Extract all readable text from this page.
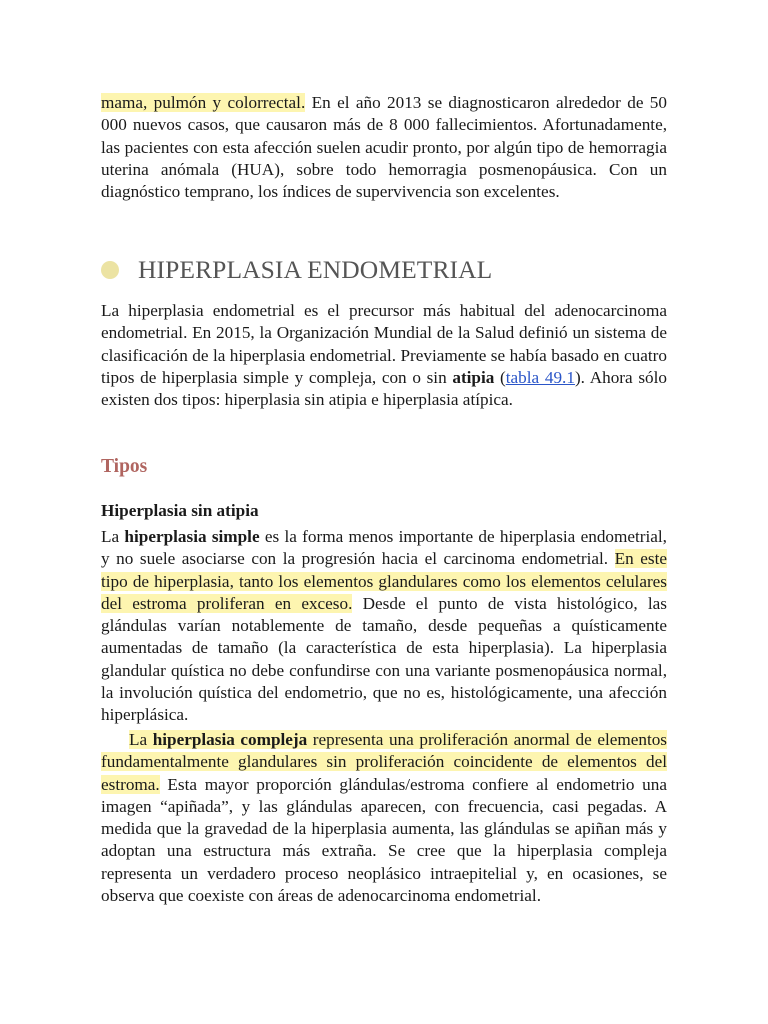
mama, pulmón y colorrectal. En el año 2013 se diagnosticaron alrededor de 50 000 nuevos casos, que causaron más de 8 000 fallecimientos. Afortunadamente, las pacientes con esta afección suelen acudir pronto, por algún tipo de hemorragia uterina anómala (HUA), sobre todo hemorragia posmenopáusica. Con un diagnóstico temprano, los índices de supervivencia son excelentes.

HIPERPLASIA ENDOMETRIAL

La hiperplasia endometrial es el precursor más habitual del adenocarcinoma endometrial. En 2015, la Organización Mundial de la Salud definió un sistema de clasificación de la hiperplasia endometrial. Previamente se había basado en cuatro tipos de hiperplasia simple y compleja, con o sin atipia (tabla 49.1). Ahora sólo existen dos tipos: hiperplasia sin atipia e hiperplasia atípica.

Tipos
Hiperplasia sin atipia

La hiperplasia simple es la forma menos importante de hiperplasia endometrial, y no suele asociarse con la progresión hacia el carcinoma endometrial. En este tipo de hiperplasia, tanto los elementos glandulares como los elementos celulares del estroma proliferan en exceso. Desde el punto de vista histológico, las glándulas varían notablemente de tamaño, desde pequeñas a quísticamente aumentadas de tamaño (la característica de esta hiperplasia). La hiperplasia glandular quística no debe confundirse con una variante posmenopáusica normal, la involución quística del endometrio, que no es, histológicamente, una afección hiperplásica.

La hiperplasia compleja representa una proliferación anormal de elementos fundamentalmente glandulares sin proliferación coincidente de elementos del estroma. Esta mayor proporción glándulas/estroma confiere al endometrio una imagen “apiñada”, y las glándulas aparecen, con frecuencia, casi pegadas. A medida que la gravedad de la hiperplasia aumenta, las glándulas se apiñan más y adoptan una estructura más extraña. Se cree que la hiperplasia compleja representa un verdadero proceso neoplásico intraepitelial y, en ocasiones, se observa que coexiste con áreas de adenocarcinoma endometrial.
